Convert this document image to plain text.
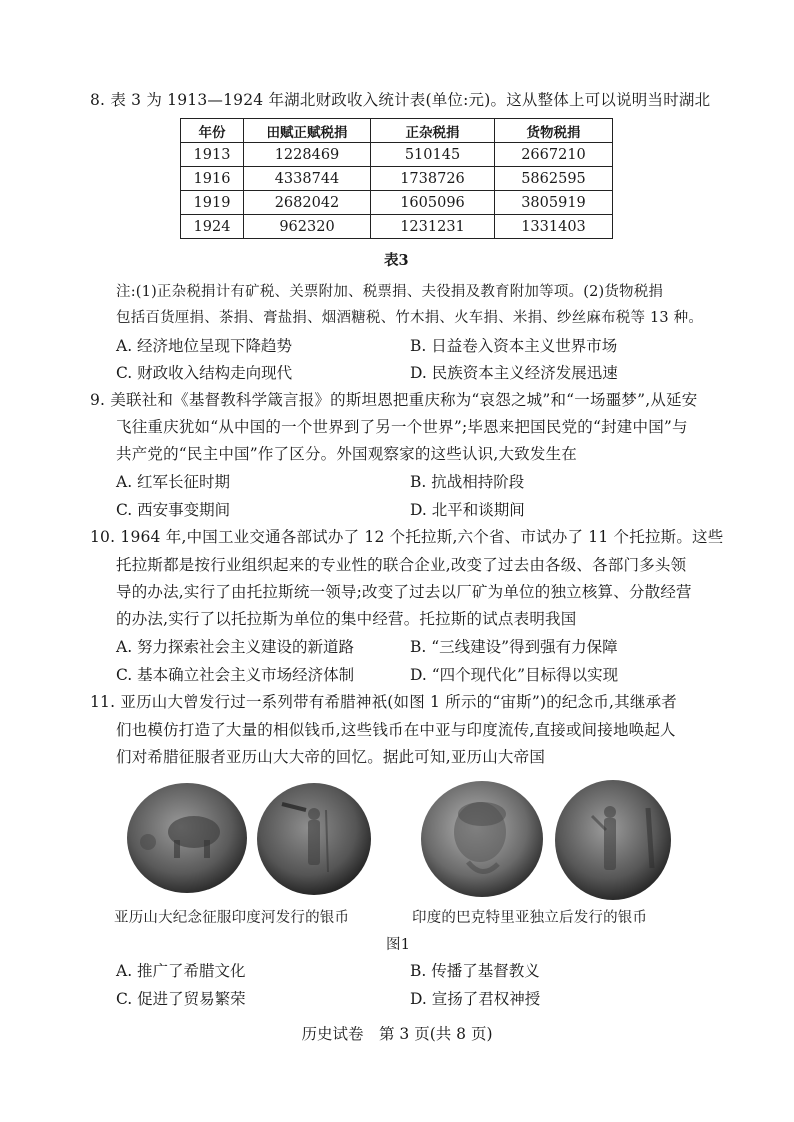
8. 表 3 为 1913—1924 年湖北财政收入统计表(单位:元)。这从整体上可以说明当时湖北
年份	田赋正赋税捐	正杂税捐	货物税捐
1913	1228469	510145	2667210
1916	4338744	1738726	5862595
1919	2682042	1605096	3805919
1924	962320	1231231	1331403
表3
注:(1)正杂税捐计有矿税、关票附加、税票捐、夫役捐及教育附加等项。(2)货物税捐
包括百货厘捐、茶捐、膏盐捐、烟酒糖税、竹木捐、火车捐、米捐、纱丝麻布税等 13 种。
A. 经济地位呈现下降趋势	B. 日益卷入资本主义世界市场
C. 财政收入结构走向现代	D. 民族资本主义经济发展迅速
9. 美联社和《基督教科学箴言报》的斯坦恩把重庆称为“哀怨之城”和“一场噩梦”,从延安
飞往重庆犹如“从中国的一个世界到了另一个世界”;毕恩来把国民党的“封建中国”与
共产党的“民主中国”作了区分。外国观察家的这些认识,大致发生在
A. 红军长征时期	B. 抗战相持阶段
C. 西安事变期间	D. 北平和谈期间
10. 1964 年,中国工业交通各部试办了 12 个托拉斯,六个省、市试办了 11 个托拉斯。这些
托拉斯都是按行业组织起来的专业性的联合企业,改变了过去由各级、各部门多头领
导的办法,实行了由托拉斯统一领导;改变了过去以厂矿为单位的独立核算、分散经营
的办法,实行了以托拉斯为单位的集中经营。托拉斯的试点表明我国
A. 努力探索社会主义建设的新道路	B. “三线建设”得到强有力保障
C. 基本确立社会主义市场经济体制	D. “四个现代化”目标得以实现
11. 亚历山大曾发行过一系列带有希腊神祇(如图 1 所示的“宙斯”)的纪念币,其继承者
们也模仿打造了大量的相似钱币,这些钱币在中亚与印度流传,直接或间接地唤起人
们对希腊征服者亚历山大大帝的回忆。据此可知,亚历山大帝国
亚历山大纪念征服印度河发行的银币	印度的巴克特里亚独立后发行的银币
图1
A. 推广了希腊文化	B. 传播了基督教义
C. 促进了贸易繁荣	D. 宣扬了君权神授
历史试卷　第 3 页(共 8 页)
